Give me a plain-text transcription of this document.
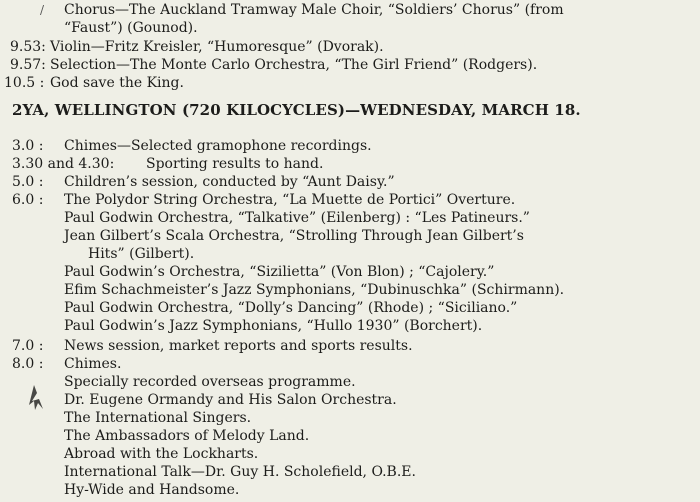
Chorus—The Auckland Tramway Male Choir, “Soldiers’ Chorus” (from
“Faust”) (Gounod).
/
9.53: Violin—Fritz Kreisler, “Humoresque” (Dvorak).
9.57: Selection—The Monte Carlo Orchestra, “The Girl Friend” (Rodgers).
10.5 : God save the King.
2YA, WELLINGTON (720 KILOCYCLES)—WEDNESDAY, MARCH 18.
3.0 : Chimes—Selected gramophone recordings.
3.30 and 4.30: Sporting results to hand.
5.0 : Children’s session, conducted by “Aunt Daisy.”
6.0 : The Polydor String Orchestra, “La Muette de Portici” Overture.
Paul Godwin Orchestra, “Talkative” (Eilenberg) : “Les Patineurs.”
Jean Gilbert’s Scala Orchestra, “Strolling Through Jean Gilbert’s
Hits” (Gilbert).
Paul Godwin’s Orchestra, “Sizilietta” (Von Blon) ; “Cajolery.”
Efim Schachmeister’s Jazz Symphonians, “Dubinuschka” (Schirmann).
Paul Godwin Orchestra, “Dolly’s Dancing” (Rhode) ; “Siciliano.”
Paul Godwin’s Jazz Symphonians, “Hullo 1930” (Borchert).
7.0 : News session, market reports and sports results.
8.0 : Chimes.
Specially recorded overseas programme.
Dr. Eugene Ormandy and His Salon Orchestra.
The International Singers.
The Ambassadors of Melody Land.
Abroad with the Lockharts.
International Talk—Dr. Guy H. Scholefield, O.B.E.
Hy-Wide and Handsome.
